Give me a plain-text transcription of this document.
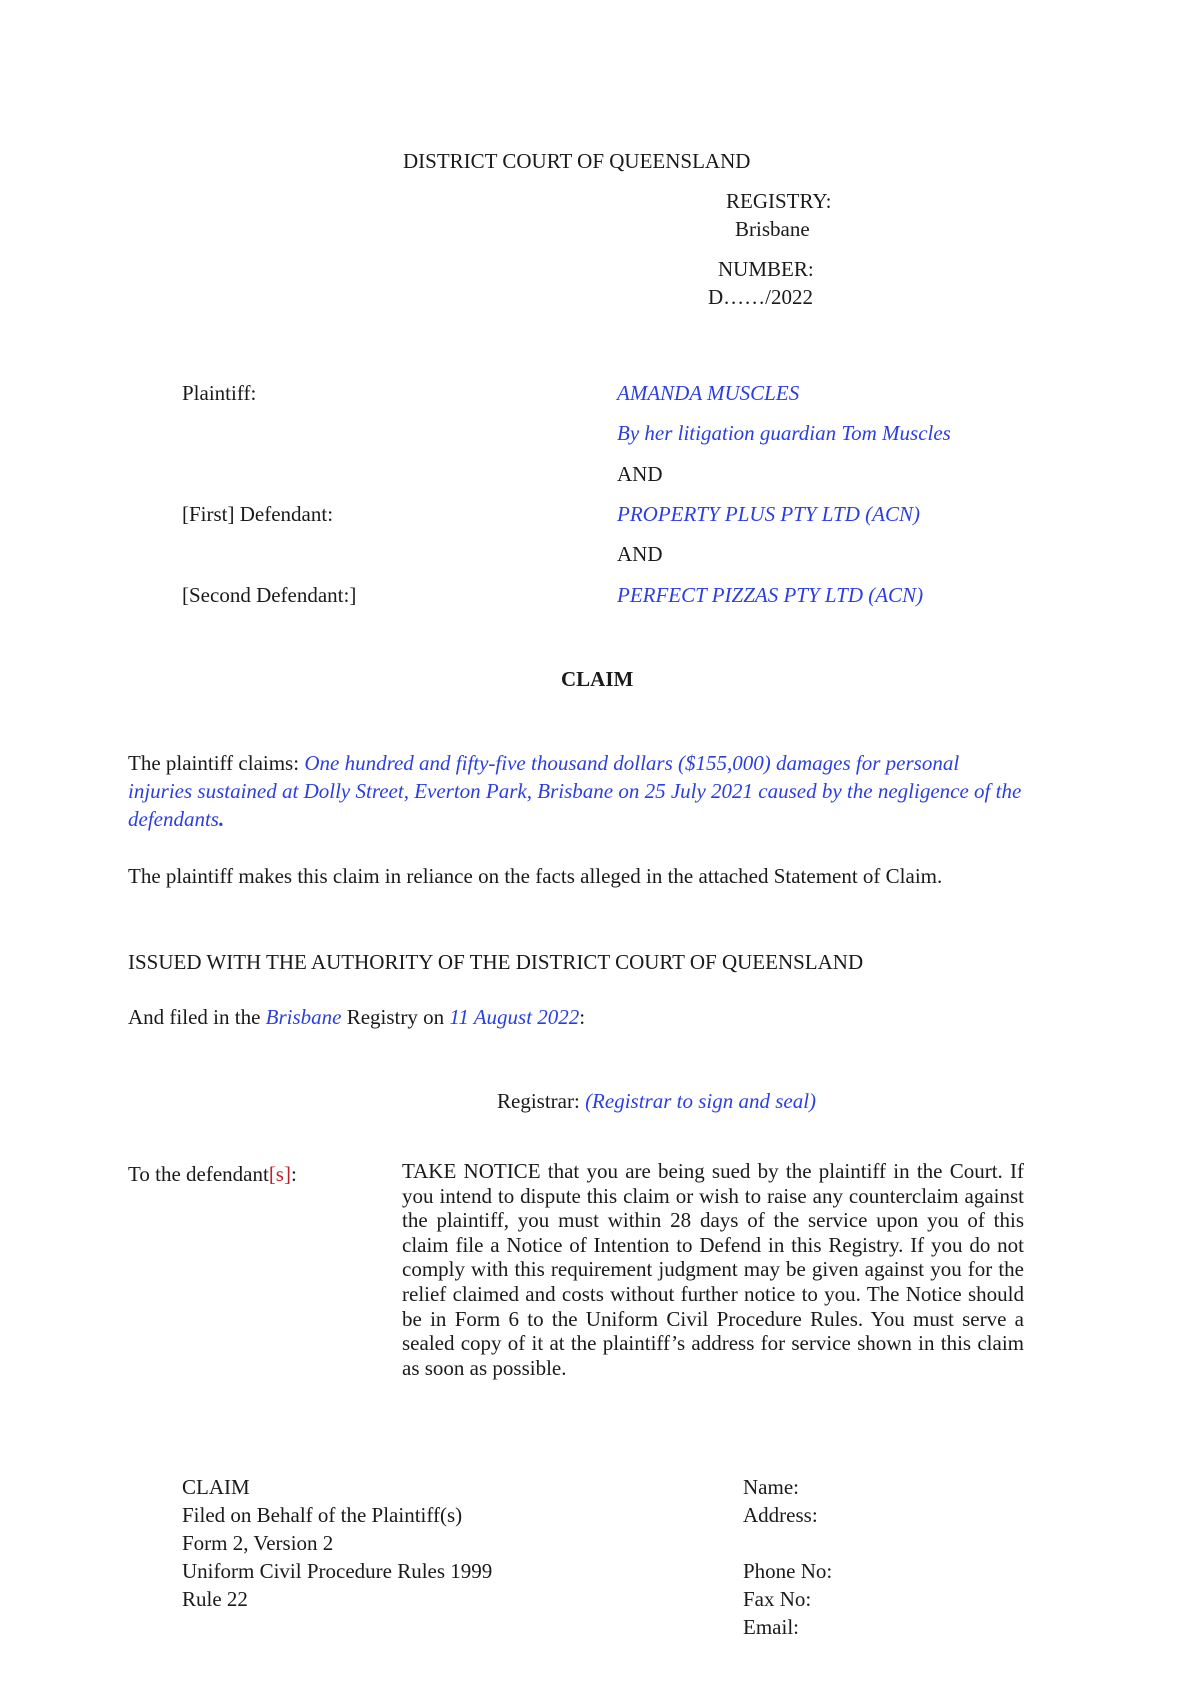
DISTRICT COURT OF QUEENSLAND
REGISTRY:
Brisbane
NUMBER:
D……/2022
Plaintiff:	AMANDA MUSCLES
By her litigation guardian Tom Muscles
AND
[First] Defendant:	PROPERTY PLUS PTY LTD (ACN)
AND
[Second Defendant:]	PERFECT PIZZAS PTY LTD (ACN)
CLAIM
The plaintiff claims: One hundred and fifty-five thousand dollars ($155,000) damages for personal injuries sustained at Dolly Street, Everton Park, Brisbane on 25 July 2021 caused by the negligence of the defendants.
The plaintiff makes this claim in reliance on the facts alleged in the attached Statement of Claim.
ISSUED WITH THE AUTHORITY OF THE DISTRICT COURT OF QUEENSLAND
And filed in the Brisbane Registry on 11 August 2022:
Registrar: (Registrar to sign and seal)
To the defendant[s]:	TAKE NOTICE that you are being sued by the plaintiff in the Court. If you intend to dispute this claim or wish to raise any counterclaim against the plaintiff, you must within 28 days of the service upon you of this claim file a Notice of Intention to Defend in this Registry. If you do not comply with this requirement judgment may be given against you for the relief claimed and costs without further notice to you. The Notice should be in Form 6 to the Uniform Civil Procedure Rules. You must serve a sealed copy of it at the plaintiff’s address for service shown in this claim as soon as possible.
CLAIM
Filed on Behalf of the Plaintiff(s)
Form 2, Version 2
Uniform Civil Procedure Rules 1999
Rule 22
Name:
Address:
Phone No:
Fax No:
Email:
